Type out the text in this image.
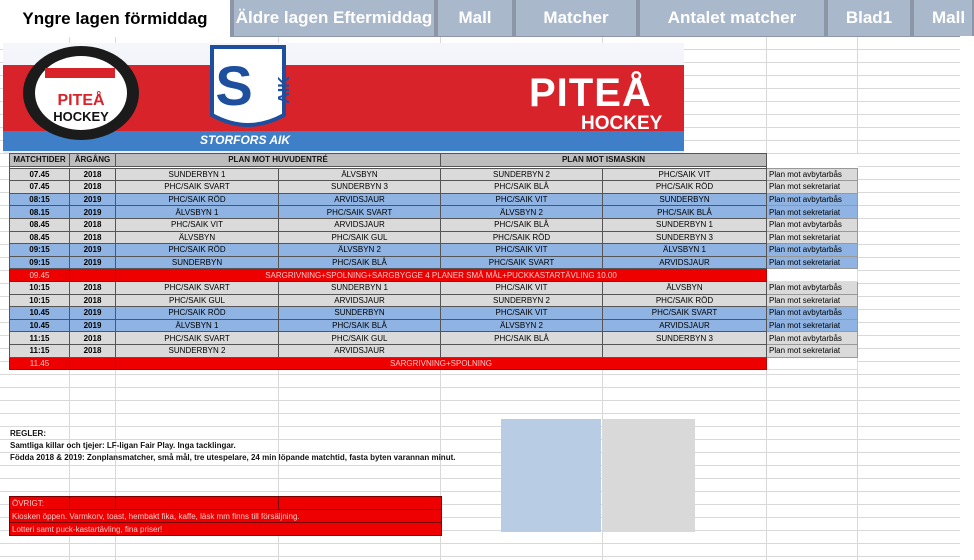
Yngre lagen förmiddag	Äldre lagen Eftermiddag	Mall	Matcher	Antalet matcher	Blad1	Mall
PITEÅ
HOCKEY S AIK
STORFORS AIK
PITEÅ
HOCKEY
MATCHTIDER	ÅRGÅNG	PLAN MOT HUVUDENTRÉ		PLAN MOT ISMASKIN		

07.45	2018	SUNDERBYN 1	ÄLVSBYN	SUNDERBYN 2	PHC/SAIK VIT	Plan mot avbytarbås
07.45	2018	PHC/SAIK SVART	SUNDERBYN 3	PHC/SAIK BLÅ	PHC/SAIK RÖD	Plan mot sekretariat
08:15	2019	PHC/SAIK RÖD	ARVIDSJAUR	PHC/SAIK VIT	SUNDERBYN	Plan mot avbytarbås
08.15	2019	ÄLVSBYN 1	PHC/SAIK SVART	ÄLVSBYN 2	PHC/SAIK BLÅ	Plan mot sekretariat
08.45	2018	PHC/SAIK VIT	ARVIDSJAUR	PHC/SAIK BLÅ	SUNDERBYN 1	Plan mot avbytarbås
08.45	2018	ÄLVSBYN	PHC/SAIK GUL	PHC/SAIK RÖD	SUNDERBYN 3	Plan mot sekretariat
09:15	2019	PHC/SAIK RÖD	ÄLVSBYN 2	PHC/SAIK VIT	ÄLVSBYN 1	Plan mot avbytarbås
09:15	2019	SUNDERBYN	PHC/SAIK BLÅ	PHC/SAIK SVART	ARVIDSJAUR	Plan mot sekretariat
09.45		SARGRIVNING+SPOLNING+SARGBYGGE 4 PLANER SMÅ MÅL+PUCKKASTARTÄVLING 10.00				
10:15	2018	PHC/SAIK SVART	SUNDERBYN 1	PHC/SAIK VIT	ÄLVSBYN	Plan mot avbytarbås
10:15	2018	PHC/SAIK GUL	ARVIDSJAUR	SUNDERBYN 2	PHC/SAIK RÖD	Plan mot sekretariat
10.45	2019	PHC/SAIK RÖD	SUNDERBYN	PHC/SAIK VIT	PHC/SAIK SVART	Plan mot avbytarbås
10.45	2019	ÄLVSBYN 1	PHC/SAIK BLÅ	ÄLVSBYN 2	ARVIDSJAUR	Plan mot sekretariat
11:15	2018	PHC/SAIK SVART	PHC/SAIK GUL	PHC/SAIK BLÅ	SUNDERBYN 3	Plan mot avbytarbås
11:15	2018	SUNDERBYN 2	ARVIDSJAUR			Plan mot sekretariat
11.45		SARGRIVNING+SPOLNING				
REGLER:
Samtliga killar och tjejer: LF-ligan Fair Play. Inga tacklingar.
Födda 2018 & 2019: Zonplansmatcher, små mål, tre utespelare, 24 min löpande matchtid, fasta byten varannan minut.
ÖVRIGT:			
Kiosken öppen. Varmkorv, toast, hembakt fika, kaffe, läsk mm finns till försäljning.
Lotteri samt puck-kastartävling, fina priser!
